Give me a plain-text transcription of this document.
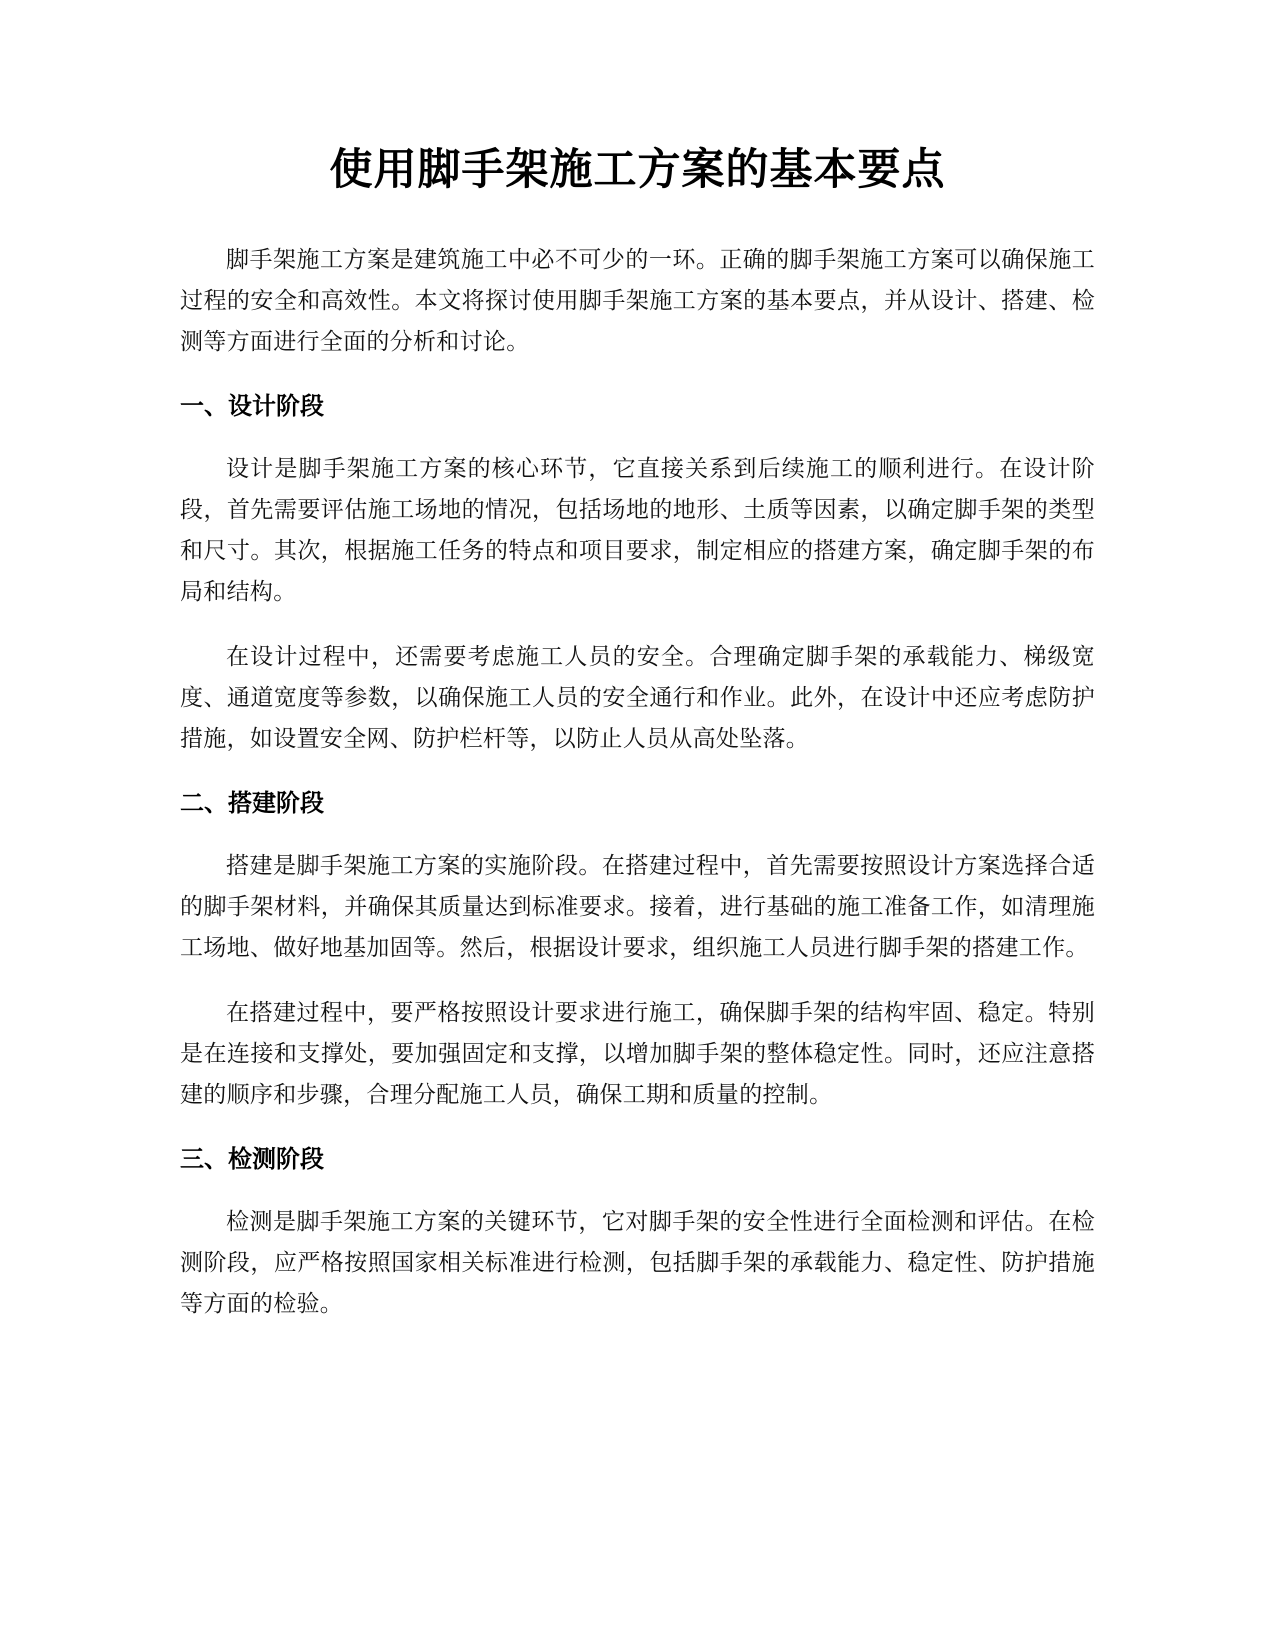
使用脚手架施工方案的基本要点

脚手架施工方案是建筑施工中必不可少的一环。正确的脚手架施工方案可以确保施工过程的安全和高效性。本文将探讨使用脚手架施工方案的基本要点，并从设计、搭建、检测等方面进行全面的分析和讨论。

一、设计阶段

设计是脚手架施工方案的核心环节，它直接关系到后续施工的顺利进行。在设计阶段，首先需要评估施工场地的情况，包括场地的地形、土质等因素，以确定脚手架的类型和尺寸。其次，根据施工任务的特点和项目要求，制定相应的搭建方案，确定脚手架的布局和结构。

在设计过程中，还需要考虑施工人员的安全。合理确定脚手架的承载能力、梯级宽度、通道宽度等参数，以确保施工人员的安全通行和作业。此外，在设计中还应考虑防护措施，如设置安全网、防护栏杆等，以防止人员从高处坠落。

二、搭建阶段

搭建是脚手架施工方案的实施阶段。在搭建过程中，首先需要按照设计方案选择合适的脚手架材料，并确保其质量达到标准要求。接着，进行基础的施工准备工作，如清理施工场地、做好地基加固等。然后，根据设计要求，组织施工人员进行脚手架的搭建工作。

在搭建过程中，要严格按照设计要求进行施工，确保脚手架的结构牢固、稳定。特别是在连接和支撑处，要加强固定和支撑，以增加脚手架的整体稳定性。同时，还应注意搭建的顺序和步骤，合理分配施工人员，确保工期和质量的控制。

三、检测阶段

检测是脚手架施工方案的关键环节，它对脚手架的安全性进行全面检测和评估。在检测阶段，应严格按照国家相关标准进行检测，包括脚手架的承载能力、稳定性、防护措施等方面的检验。
